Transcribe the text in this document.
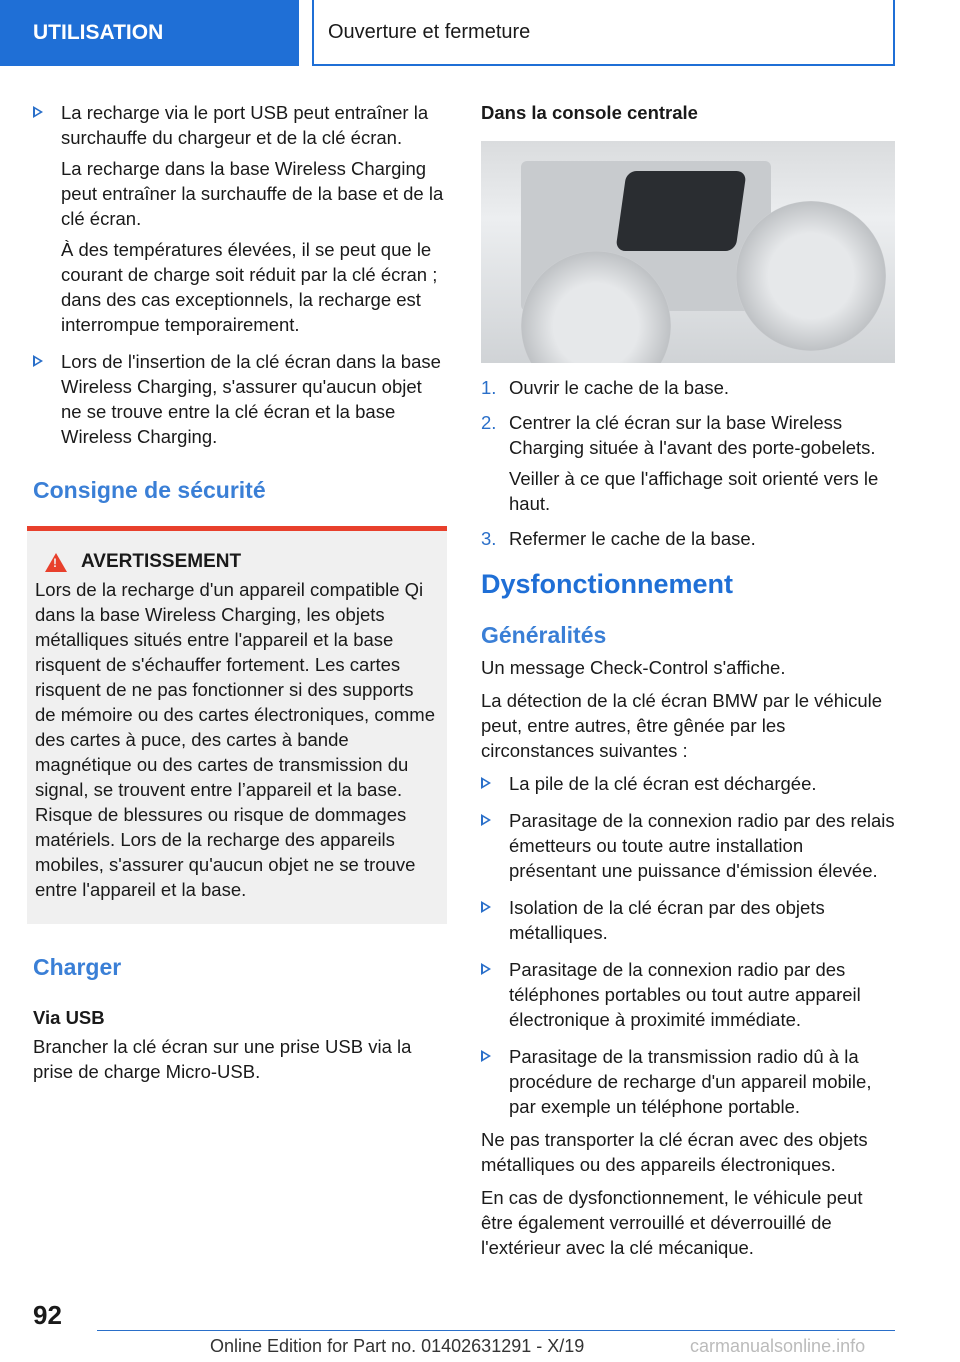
UTILISATION	Ouverture et fermeture

La recharge via le port USB peut entraîner la surchauffe du chargeur et de la clé écran.

La recharge dans la base Wireless Charging peut entraîner la surchauffe de la base et de la clé écran.

À des températures élevées, il se peut que le courant de charge soit réduit par la clé écran ; dans des cas exceptionnels, la recharge est interrompue temporairement.

Lors de l'insertion de la clé écran dans la base Wireless Charging, s'assurer qu'aucun objet ne se trouve entre la clé écran et la base Wireless Charging.

Consigne de sécurité
!
AVERTISSEMENT

Lors de la recharge d'un appareil compatible Qi dans la base Wireless Charging, les objets métalliques situés entre l'appareil et la base risquent de s'échauffer fortement. Les cartes risquent de ne pas fonctionner si des supports de mémoire ou des cartes électroniques, comme des cartes à puce, des cartes à bande magnétique ou des cartes de transmission du signal, se trouvent entre l’appareil et la base. Risque de blessures ou risque de dommages matériels. Lors de la recharge des appareils mobiles, s'assurer qu'aucun objet ne se trouve entre l'appareil et la base.

Charger

Via USB

Brancher la clé écran sur une prise USB via la prise de charge Micro-USB.

Dans la console centrale

1. Ouvrir le cache de la base.

2. Centrer la clé écran sur la base Wireless Charging située à l'avant des porte-gobelets.

Veiller à ce que l'affichage soit orienté vers le haut.

3. Refermer le cache de la base.

Dysfonctionnement
Généralités

Un message Check-Control s'affiche.

La détection de la clé écran BMW par le véhicule peut, entre autres, être gênée par les circonstances suivantes :

La pile de la clé écran est déchargée.

Parasitage de la connexion radio par des relais émetteurs ou toute autre installation présentant une puissance d'émission élevée.

Isolation de la clé écran par des objets métalliques.

Parasitage de la connexion radio par des téléphones portables ou tout autre appareil électronique à proximité immédiate.

Parasitage de la transmission radio dû à la procédure de recharge d'un appareil mobile, par exemple un téléphone portable.

Ne pas transporter la clé écran avec des objets métalliques ou des appareils électroniques.

En cas de dysfonctionnement, le véhicule peut être également verrouillé et déverrouillé de l'extérieur avec la clé mécanique.

92
Online Edition for Part no. 01402631291 - X/19	carmanualsonline.info
